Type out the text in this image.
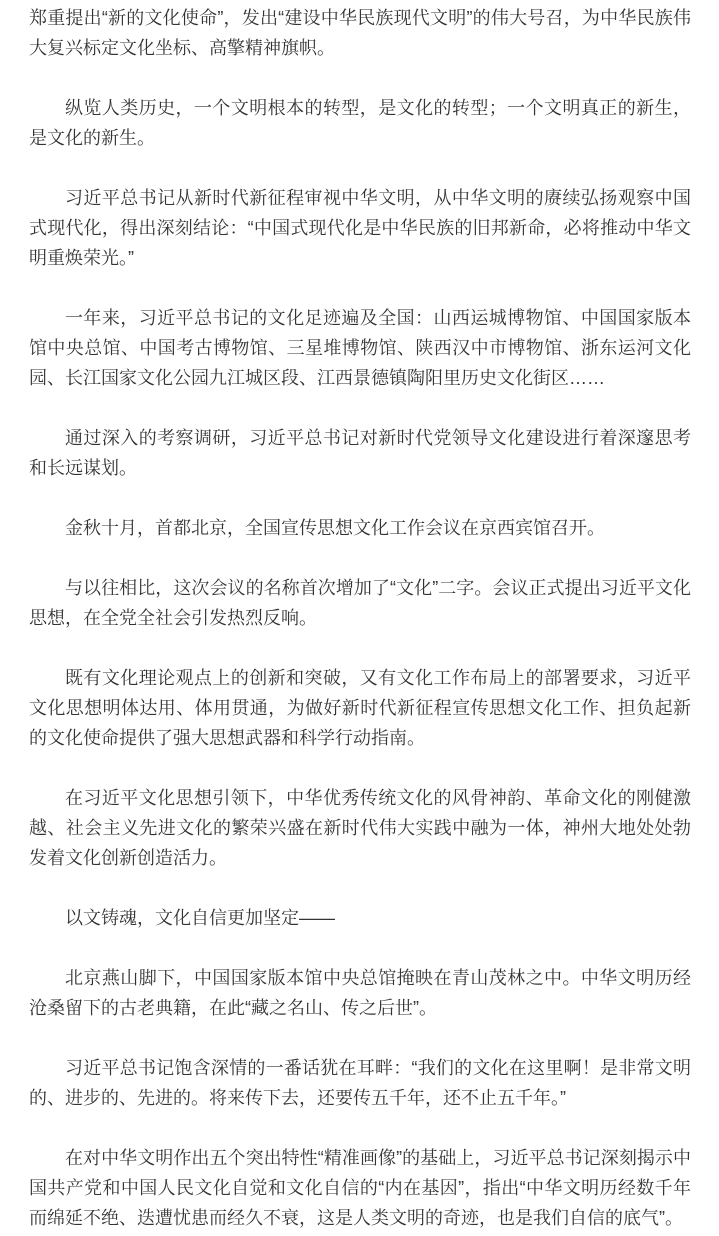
郑重提出“新的文化使命”，发出“建设中华民族现代文明”的伟大号召，为中华民族伟大复兴标定文化坐标、高擎精神旗帜。

纵览人类历史，一个文明根本的转型，是文化的转型；一个文明真正的新生，是文化的新生。

习近平总书记从新时代新征程审视中华文明，从中华文明的赓续弘扬观察中国式现代化，得出深刻结论：“中国式现代化是中华民族的旧邦新命，必将推动中华文明重焕荣光。”

一年来，习近平总书记的文化足迹遍及全国：山西运城博物馆、中国国家版本馆中央总馆、中国考古博物馆、三星堆博物馆、陕西汉中市博物馆、浙东运河文化园、长江国家文化公园九江城区段、江西景德镇陶阳里历史文化街区……

通过深入的考察调研，习近平总书记对新时代党领导文化建设进行着深邃思考和长远谋划。

金秋十月，首都北京，全国宣传思想文化工作会议在京西宾馆召开。

与以往相比，这次会议的名称首次增加了“文化”二字。会议正式提出习近平文化思想，在全党全社会引发热烈反响。

既有文化理论观点上的创新和突破，又有文化工作布局上的部署要求，习近平文化思想明体达用、体用贯通，为做好新时代新征程宣传思想文化工作、担负起新的文化使命提供了强大思想武器和科学行动指南。

在习近平文化思想引领下，中华优秀传统文化的风骨神韵、革命文化的刚健激越、社会主义先进文化的繁荣兴盛在新时代伟大实践中融为一体，神州大地处处勃发着文化创新创造活力。

以文铸魂，文化自信更加坚定——

北京燕山脚下，中国国家版本馆中央总馆掩映在青山茂林之中。中华文明历经沧桑留下的古老典籍，在此“藏之名山、传之后世”。

习近平总书记饱含深情的一番话犹在耳畔：“我们的文化在这里啊！是非常文明的、进步的、先进的。将来传下去，还要传五千年，还不止五千年。”

在对中华文明作出五个突出特性“精准画像”的基础上，习近平总书记深刻揭示中国共产党和中国人民文化自觉和文化自信的“内在基因”，指出“中华文明历经数千年而绵延不绝、迭遭忧患而经久不衰，这是人类文明的奇迹，也是我们自信的底气”。
